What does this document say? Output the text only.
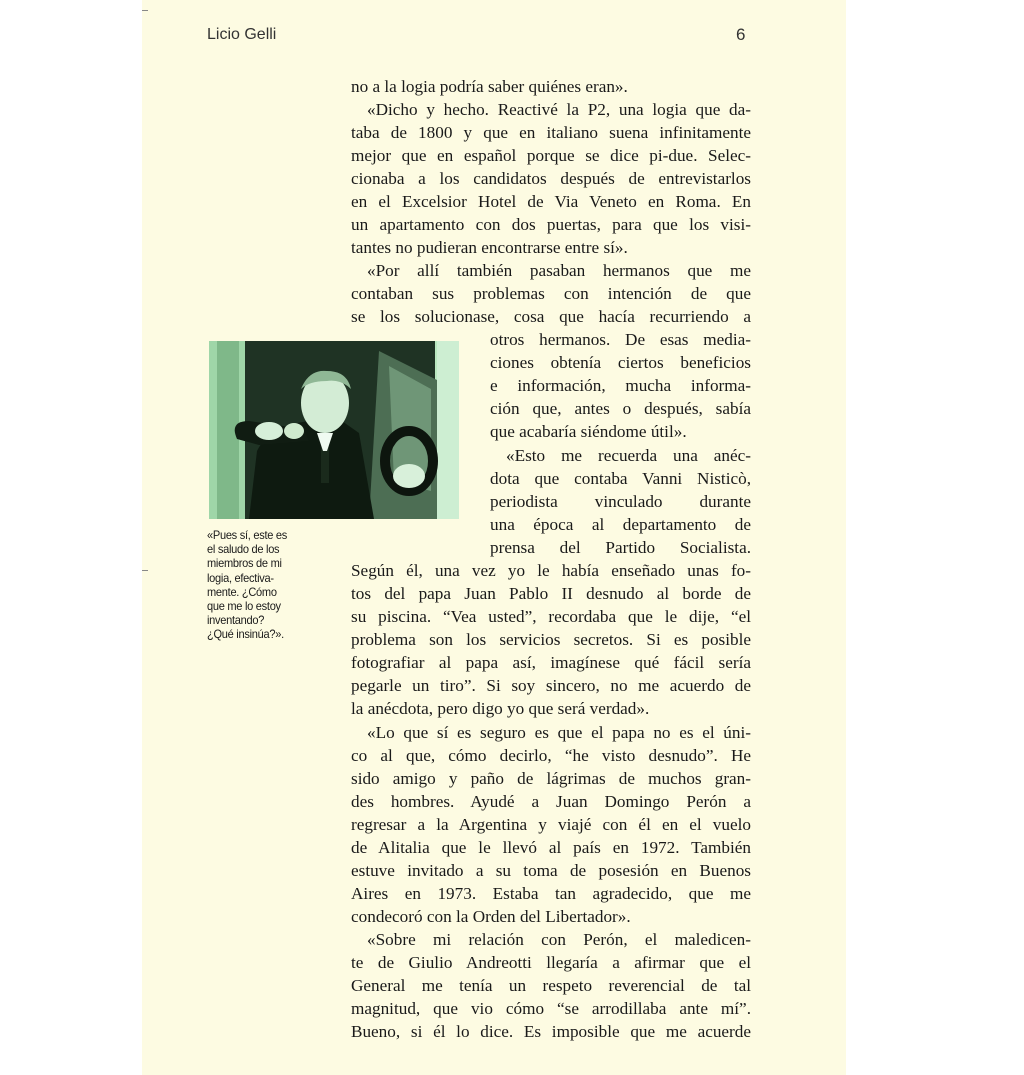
Licio Gelli	6
«Pues sí, este es
el saludo de los
miembros de mi
logia, efectiva-
mente. ¿Cómo
que me lo estoy
inventando?
¿Qué insinúa?».
no a la logia podría saber quiénes eran».
«Dicho y hecho. Reactivé la P2, una logia que da-
taba de 1800 y que en italiano suena infinitamente
mejor que en español porque se dice pi-due. Selec-
cionaba a los candidatos después de entrevistarlos
en el Excelsior Hotel de Via Veneto en Roma. En
un apartamento con dos puertas, para que los visi-
tantes no pudieran encontrarse entre sí».
«Por allí también pasaban hermanos que me
contaban sus problemas con intención de que
se los solucionase, cosa que hacía recurriendo a
otros hermanos. De esas media-
ciones obtenía ciertos beneficios
e información, mucha informa-
ción que, antes o después, sabía
que acabaría siéndome útil».
«Esto me recuerda una anéc-
dota que contaba Vanni Nisticò,
periodista vinculado durante
una época al departamento de
prensa del Partido Socialista.
Según él, una vez yo le había enseñado unas fo-
tos del papa Juan Pablo II desnudo al borde de
su piscina. “Vea usted”, recordaba que le dije, “el
problema son los servicios secretos. Si es posible
fotografiar al papa así, imagínese qué fácil sería
pegarle un tiro”. Si soy sincero, no me acuerdo de
la anécdota, pero digo yo que será verdad».
«Lo que sí es seguro es que el papa no es el úni-
co al que, cómo decirlo, “he visto desnudo”. He
sido amigo y paño de lágrimas de muchos gran-
des hombres. Ayudé a Juan Domingo Perón a
regresar a la Argentina y viajé con él en el vuelo
de Alitalia que le llevó al país en 1972. También
estuve invitado a su toma de posesión en Buenos
Aires en 1973. Estaba tan agradecido, que me
condecoró con la Orden del Libertador».
«Sobre mi relación con Perón, el maledicen-
te de Giulio Andreotti llegaría a afirmar que el
General me tenía un respeto reverencial de tal
magnitud, que vio cómo “se arrodillaba ante mí”.
Bueno, si él lo dice. Es imposible que me acuerde
